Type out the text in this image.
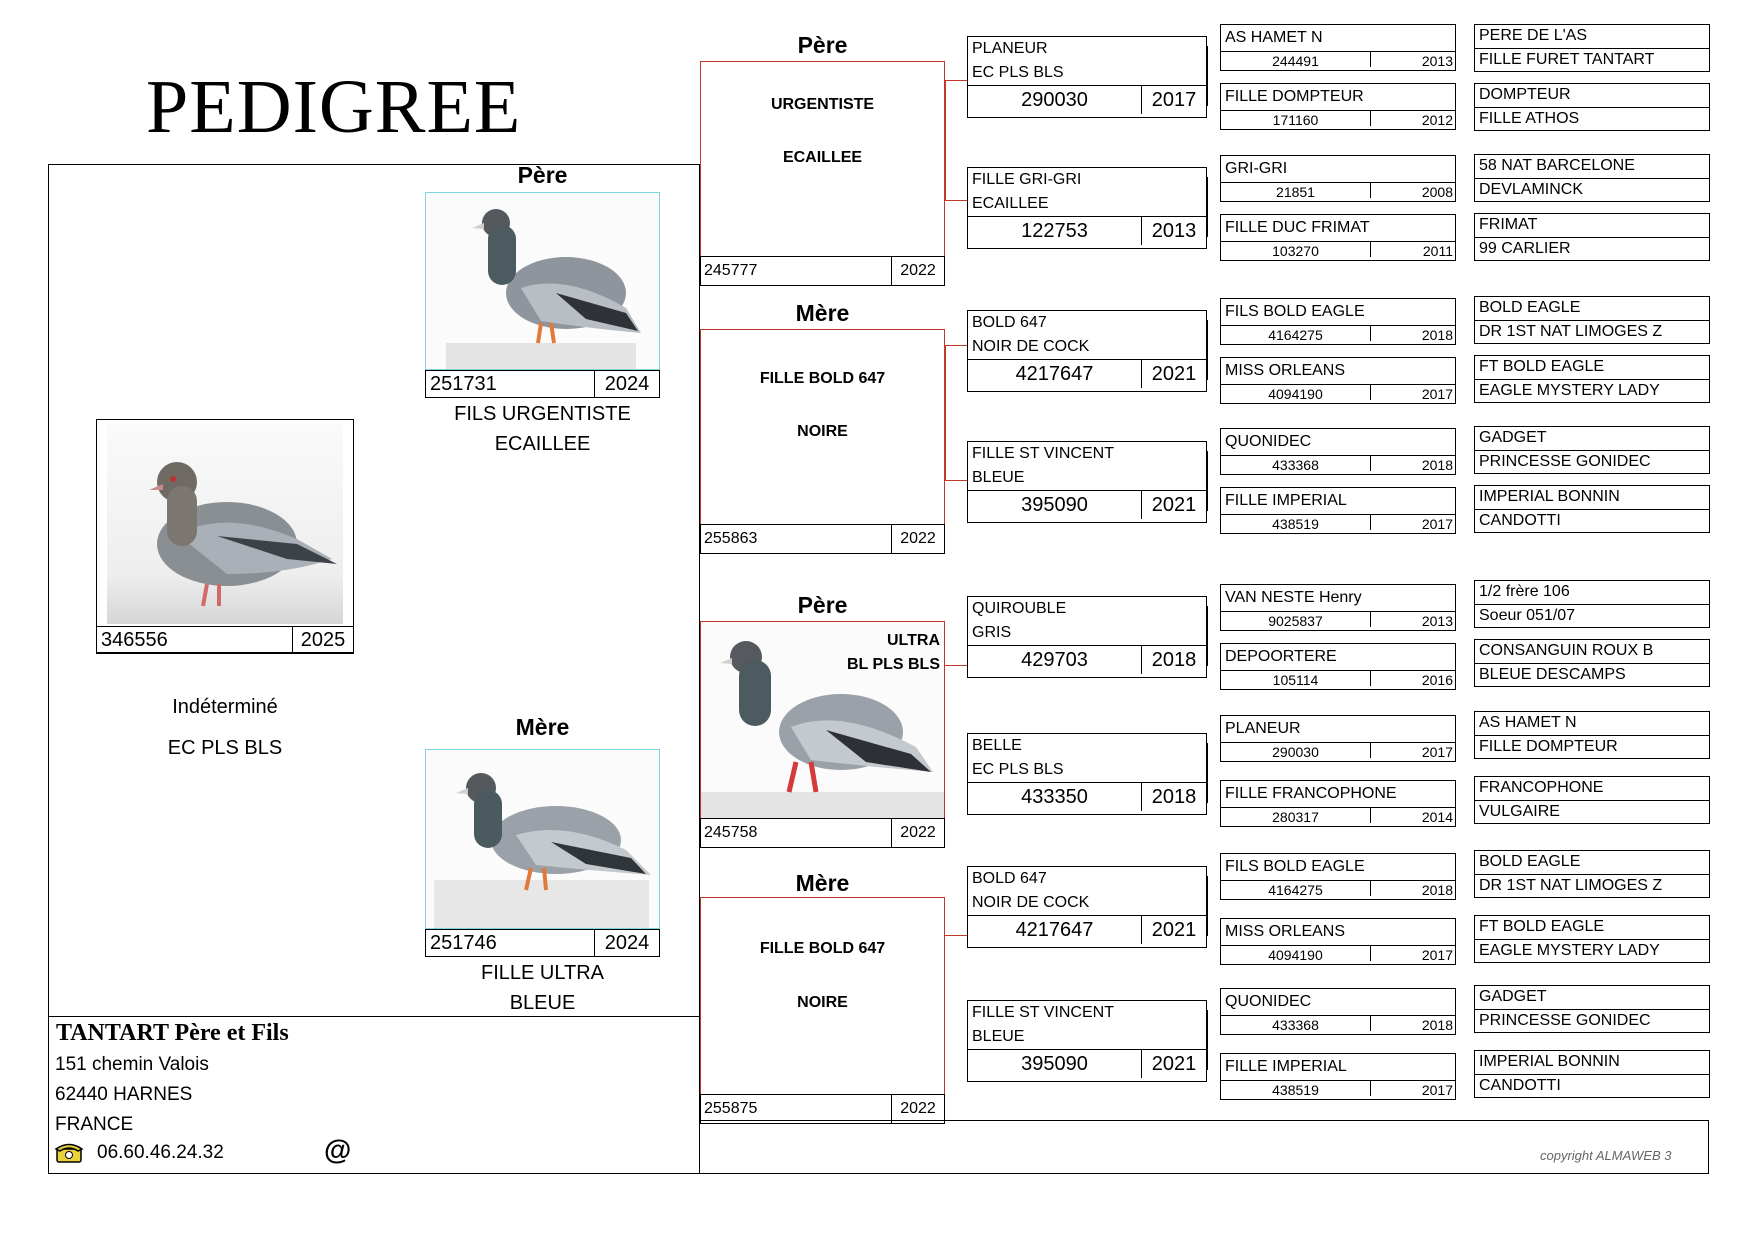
PEDIGREE
346556	2025
Indéterminé
EC PLS BLS
Père
251731	2024
FILS URGENTISTE
ECAILLEE
Mère
251746	2024
FILLE ULTRA
BLEUE
Père
URGENTISTE
ECAILLEE
245777	2022
Mère
FILLE BOLD 647
NOIRE
255863	2022
Père
ULTRA
BL PLS BLS
245758	2022
Mère
FILLE BOLD 647
NOIRE
255875	2022
PLANEUR
EC PLS BLS
290030	2017
FILLE GRI-GRI
ECAILLEE
122753	2013
BOLD 647
NOIR DE COCK
4217647	2021
FILLE ST VINCENT
BLEUE
395090	2021
QUIROUBLE
GRIS
429703	2018
BELLE
EC PLS BLS
433350	2018
BOLD 647
NOIR DE COCK
4217647	2021
FILLE ST VINCENT
BLEUE
395090	2021
AS HAMET N
244491	2013
FILLE DOMPTEUR
171160	2012
GRI-GRI
21851	2008
FILLE DUC FRIMAT
103270	2011
FILS BOLD EAGLE
4164275	2018
MISS ORLEANS
4094190	2017
QUONIDEC
433368	2018
FILLE IMPERIAL
438519	2017
VAN NESTE Henry
9025837	2013
DEPOORTERE
105114	2016
PLANEUR
290030	2017
FILLE FRANCOPHONE
280317	2014
FILS BOLD EAGLE
4164275	2018
MISS ORLEANS
4094190	2017
QUONIDEC
433368	2018
FILLE IMPERIAL
438519	2017
PERE DE L'AS
FILLE FURET TANTART
DOMPTEUR
FILLE ATHOS
58 NAT BARCELONE
DEVLAMINCK
FRIMAT
99 CARLIER
BOLD EAGLE
DR 1ST NAT LIMOGES Z
FT BOLD EAGLE
EAGLE MYSTERY LADY
GADGET
PRINCESSE GONIDEC
IMPERIAL BONNIN
CANDOTTI
1/2 frère 106
Soeur 051/07
CONSANGUIN ROUX B
BLEUE DESCAMPS
AS HAMET N
FILLE DOMPTEUR
FRANCOPHONE
VULGAIRE
BOLD EAGLE
DR 1ST NAT LIMOGES Z
FT BOLD EAGLE
EAGLE MYSTERY LADY
GADGET
PRINCESSE GONIDEC
IMPERIAL BONNIN
CANDOTTI
TANTART Père et Fils
151 chemin Valois
62440 HARNES
FRANCE
06.60.46.24.32	@	copyright ALMAWEB 3
